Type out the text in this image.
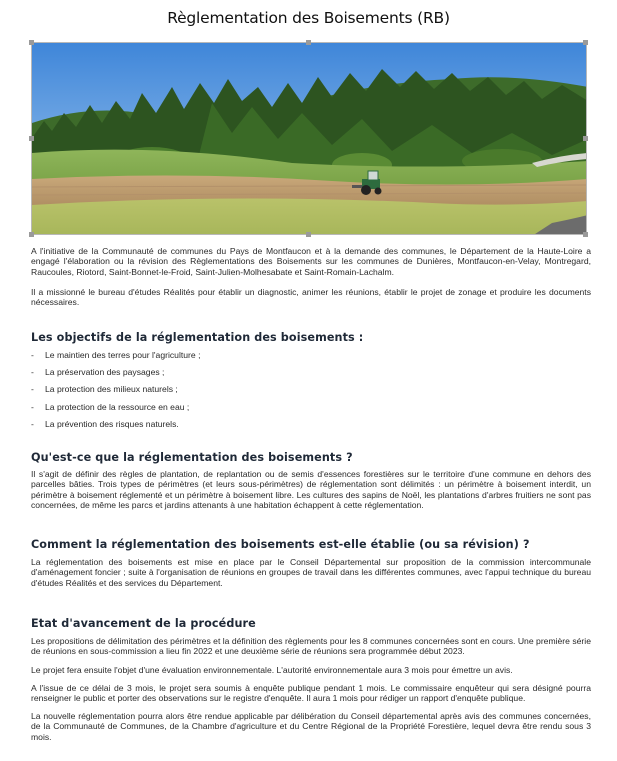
Règlementation des Boisements (RB)

A l'initiative de la Communauté de communes du Pays de Montfaucon et à la demande des communes, le Département de la Haute-Loire a engagé l'élaboration ou la révision des Règlementations des Boisements sur les communes de Dunières, Montfaucon-en-Velay, Montregard, Raucoules, Riotord, Saint-Bonnet-le-Froid, Saint-Julien-Molhesabate et Saint-Romain-Lachalm.

Il a missionné le bureau d'études Réalités pour établir un diagnostic, animer les réunions, établir le projet de zonage et produire les documents nécessaires.

Les objectifs de la réglementation des boisements :
- Le maintien des terres pour l'agriculture ;
- La préservation des paysages ;
- La protection des milieux naturels ;
- La protection de la ressource en eau ;
- La prévention des risques naturels.
Qu'est-ce que la réglementation des boisements ?

Il s'agit de définir des règles de plantation, de replantation ou de semis d'essences forestières sur le territoire d'une commune en dehors des parcelles bâties. Trois types de périmètres (et leurs sous-périmètres) de réglementation sont délimités : un périmètre à boisement interdit, un périmètre à boisement réglementé et un périmètre à boisement libre. Les cultures des sapins de Noël, les plantations d'arbres fruitiers ne sont pas concernées, de même les parcs et jardins attenants à une habitation échappent à cette réglementation.

Comment la réglementation des boisements est-elle établie (ou sa révision) ?

La réglementation des boisements est mise en place par le Conseil Départemental sur proposition de la commission intercommunale d'aménagement foncier ; suite à l'organisation de réunions en groupes de travail dans les différentes communes, avec l'appui technique du bureau d'études Réalités et des services du Département.

Etat d'avancement de la procédure

Les propositions de délimitation des périmètres et la définition des règlements pour les 8 communes concernées sont en cours. Une première série de réunions en sous-commission a lieu fin 2022 et une deuxième série de réunions sera programmée début 2023.

Le projet fera ensuite l'objet d'une évaluation environnementale. L'autorité environnementale aura 3 mois pour émettre un avis.

A l'issue de ce délai de 3 mois, le projet sera soumis à enquête publique pendant 1 mois. Le commissaire enquêteur qui sera désigné pourra renseigner le public et porter des observations sur le registre d'enquête. Il aura 1 mois pour rédiger un rapport d'enquête publique.

La nouvelle réglementation pourra alors être rendue applicable par délibération du Conseil départemental après avis des communes concernées, de la Communauté de Communes, de la Chambre d'agriculture et du Centre Régional de la Propriété Forestière, lequel devra être rendu sous 3 mois.
